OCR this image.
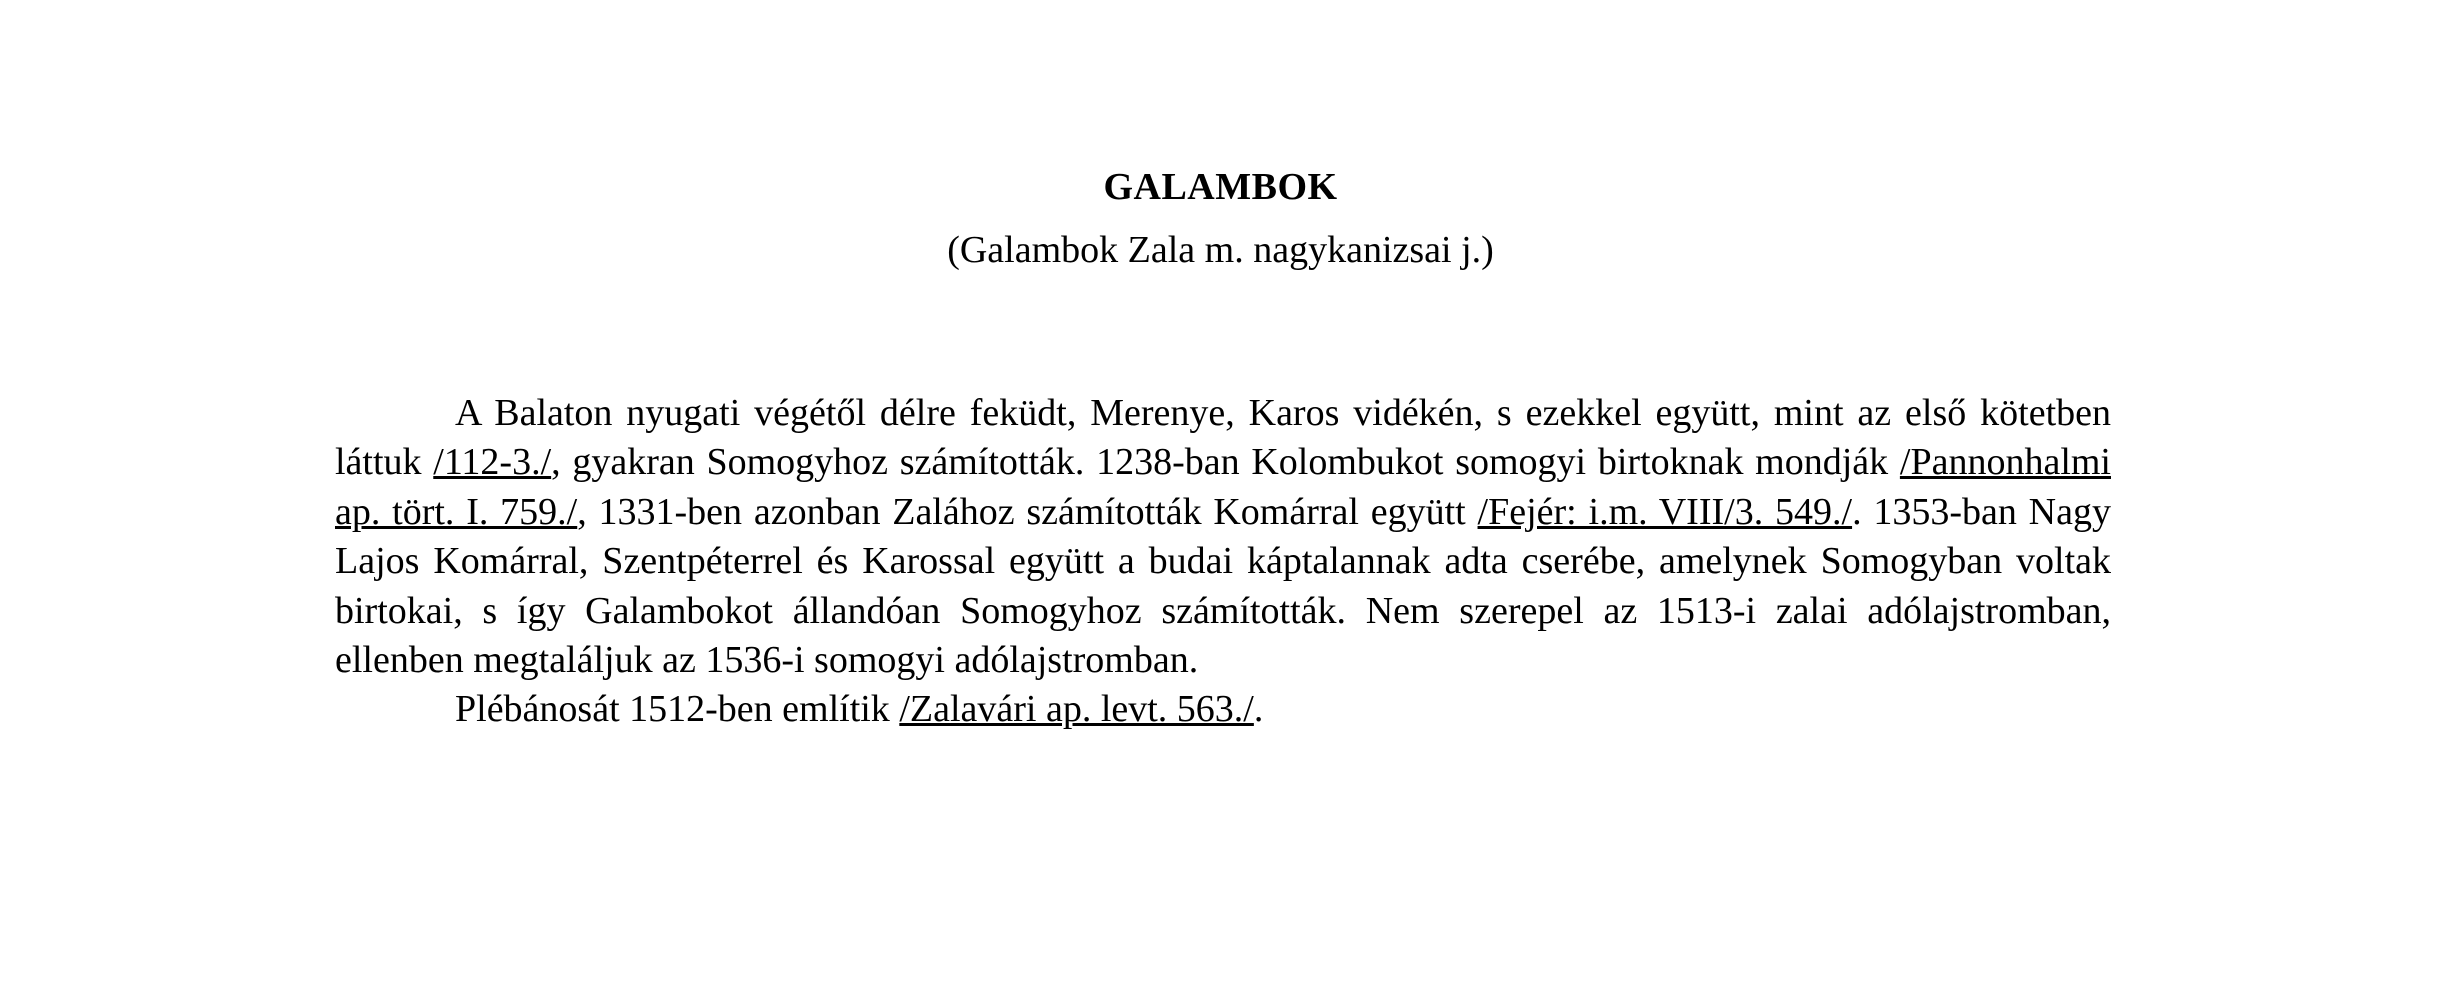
GALAMBOK
(Galambok Zala m. nagykanizsai j.)

A Balaton nyugati végétől délre feküdt, Merenye, Karos vidékén, s ezekkel együtt, mint az első kötetben láttuk /112-3./, gyakran Somogyhoz számították. 1238-ban Kolombukot somogyi birtoknak mondják /Pannonhalmi ap. tört. I. 759./, 1331-ben azonban Zalához számították Komárral együtt /Fejér: i.m. VIII/3. 549./. 1353-ban Nagy Lajos Komárral, Szentpéterrel és Karossal együtt a budai káptalannak adta cserébe, amelynek Somogyban voltak birtokai, s így Galambokot állandóan Somogyhoz számították. Nem szerepel az 1513-i zalai adólajstromban, ellenben megtaláljuk az 1536-i somogyi adólajstromban.

Plébánosát 1512-ben említik /Zalavári ap. levt. 563./.
